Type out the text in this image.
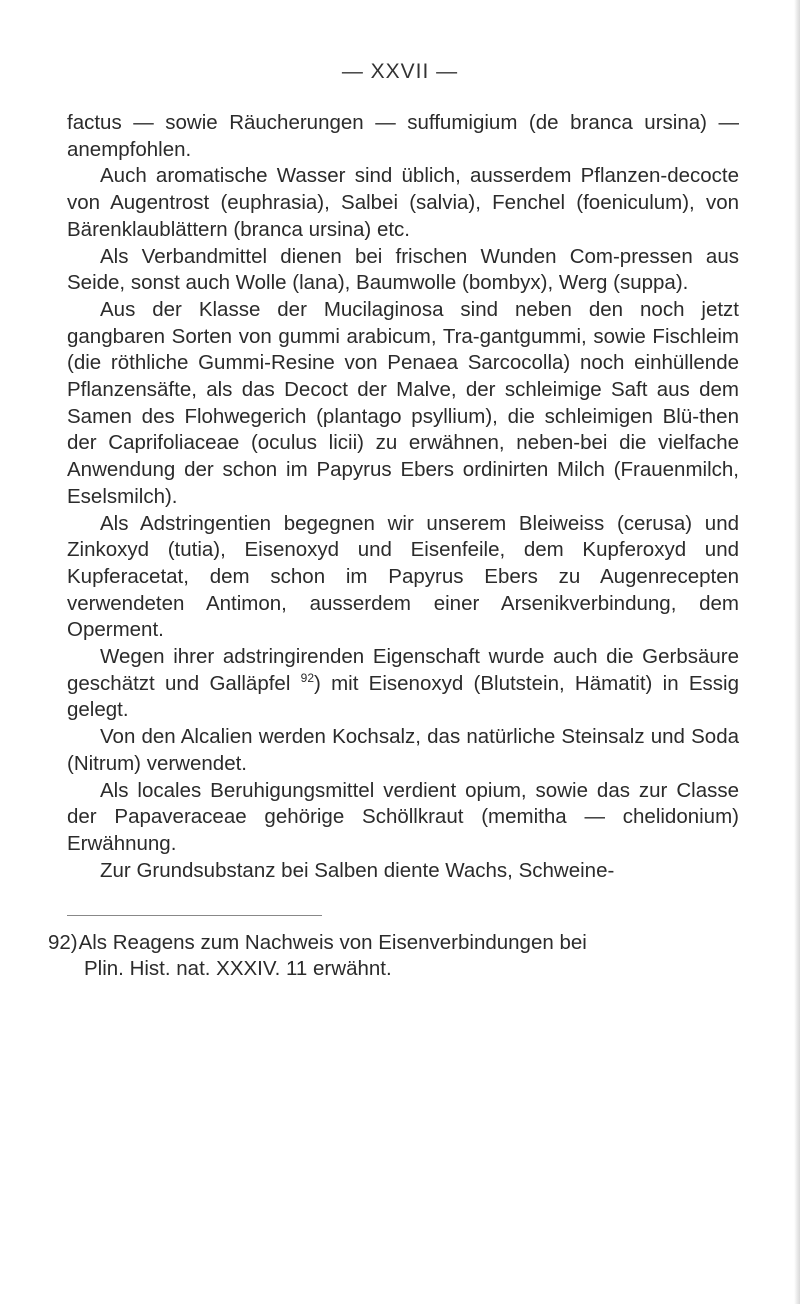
— XXVII —

factus — sowie Räucherungen — suffumigium (de branca ursina) — anempfohlen.

Auch aromatische Wasser sind üblich, ausserdem Pflanzen-decocte von Augentrost (euphrasia), Salbei (salvia), Fenchel (foeniculum), von Bärenklaublättern (branca ursina) etc.

Als Verbandmittel dienen bei frischen Wunden Com-pressen aus Seide, sonst auch Wolle (lana), Baumwolle (bombyx), Werg (suppa).

Aus der Klasse der Mucilaginosa sind neben den noch jetzt gangbaren Sorten von gummi arabicum, Tra-gantgummi, sowie Fischleim (die röthliche Gummi-Resine von Penaea Sarcocolla) noch einhüllende Pflanzensäfte, als das Decoct der Malve, der schleimige Saft aus dem Samen des Flohwegerich (plantago psyllium), die schleimigen Blü-then der Caprifoliaceae (oculus licii) zu erwähnen, neben-bei die vielfache Anwendung der schon im Papyrus Ebers ordinirten Milch (Frauenmilch, Eselsmilch).

Als Adstringentien begegnen wir unserem Bleiweiss (cerusa) und Zinkoxyd (tutia), Eisenoxyd und Eisenfeile, dem Kupferoxyd und Kupferacetat, dem schon im Papyrus Ebers zu Augenrecepten verwendeten Antimon, ausserdem einer Arsenikverbindung, dem Operment.

Wegen ihrer adstringirenden Eigenschaft wurde auch die Gerbsäure geschätzt und Galläpfel $^{92}$) mit Eisenoxyd (Blutstein, Hämatit) in Essig gelegt.

Von den Alcalien werden Kochsalz, das natürliche Steinsalz und Soda (Nitrum) verwendet.

Als locales Beruhigungsmittel verdient opium, sowie das zur Classe der Papaveraceae gehörige Schöllkraut (memitha — chelidonium) Erwähnung.

Zur Grundsubstanz bei Salben diente Wachs, Schweine-

92) Als Reagens zum Nachweis von Eisenverbindungen bei
Plin. Hist. nat. XXXIV. 11 erwähnt.
